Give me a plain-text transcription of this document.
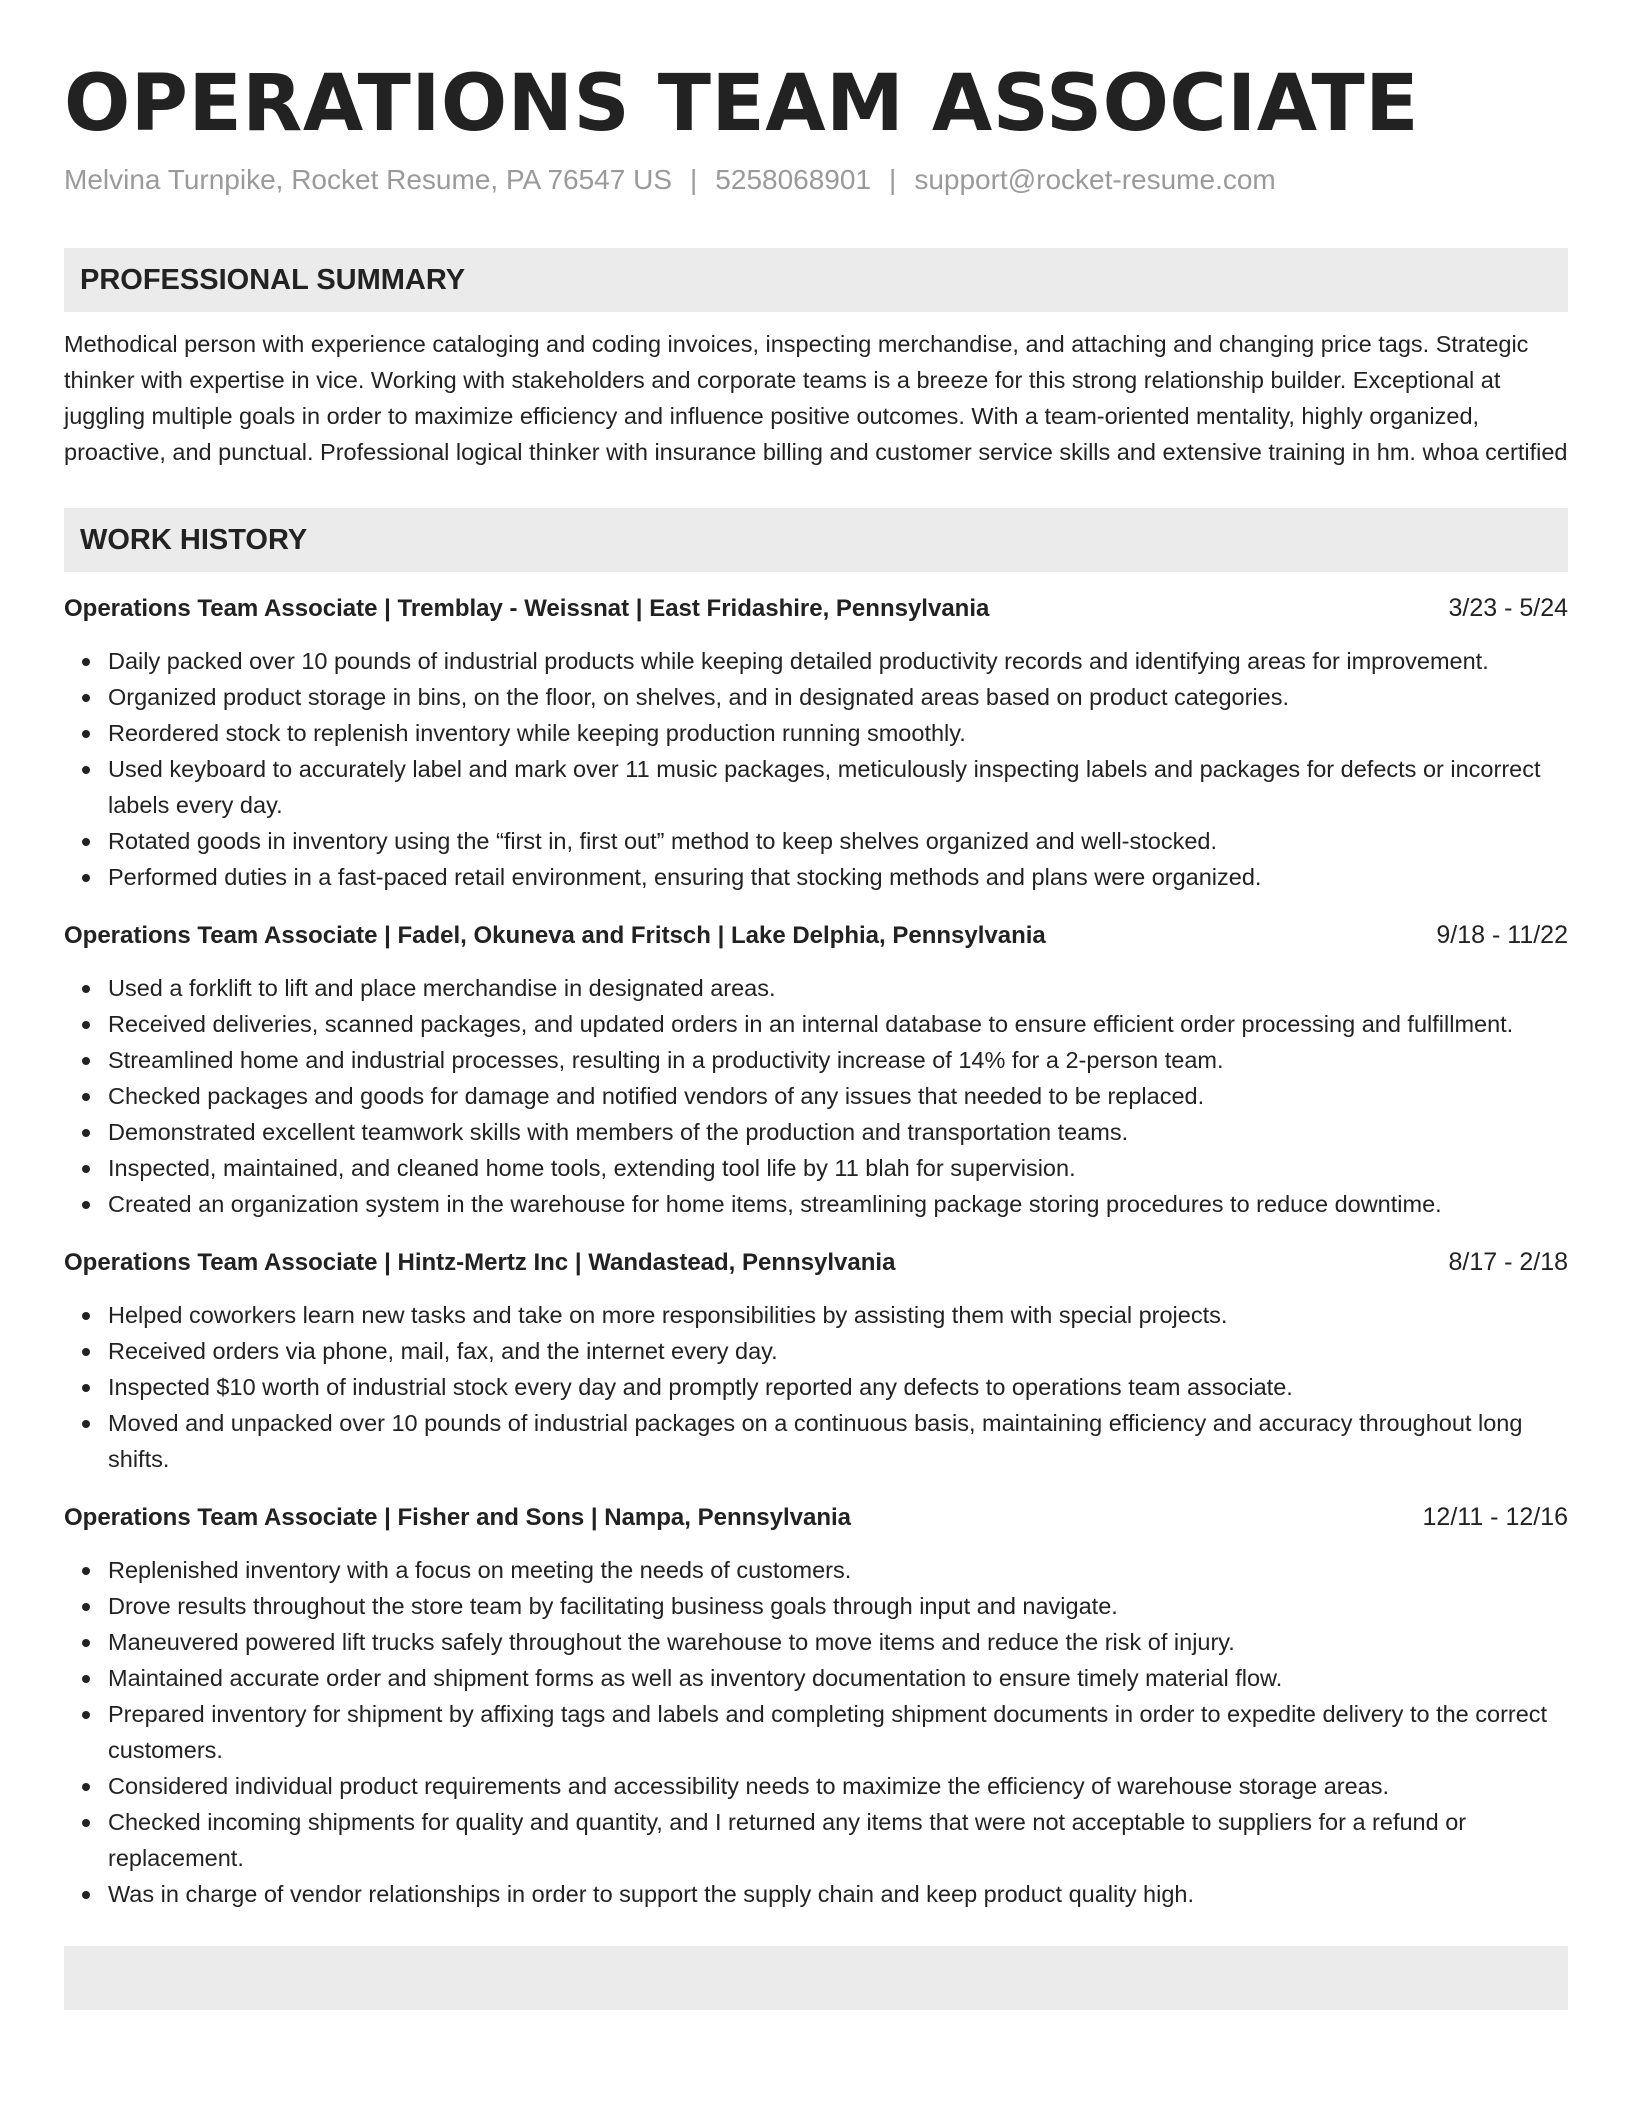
OPERATIONS TEAM ASSOCIATE
Melvina Turnpike, Rocket Resume, PA 76547 US | 5258068901 | support@rocket-resume.com
PROFESSIONAL SUMMARY
Methodical person with experience cataloging and coding invoices, inspecting merchandise, and attaching and changing price tags. Strategic thinker with expertise in vice. Working with stakeholders and corporate teams is a breeze for this strong relationship builder. Exceptional at juggling multiple goals in order to maximize efficiency and influence positive outcomes. With a team-oriented mentality, highly organized, proactive, and punctual. Professional logical thinker with insurance billing and customer service skills and extensive training in hm. whoa certified
WORK HISTORY
Operations Team Associate | Tremblay - Weissnat | East Fridashire, Pennsylvania	3/23 - 5/24
Daily packed over 10 pounds of industrial products while keeping detailed productivity records and identifying areas for improvement.
Organized product storage in bins, on the floor, on shelves, and in designated areas based on product categories.
Reordered stock to replenish inventory while keeping production running smoothly.
Used keyboard to accurately label and mark over 11 music packages, meticulously inspecting labels and packages for defects or incorrect labels every day.
Rotated goods in inventory using the “first in, first out” method to keep shelves organized and well-stocked.
Performed duties in a fast-paced retail environment, ensuring that stocking methods and plans were organized.
Operations Team Associate | Fadel, Okuneva and Fritsch | Lake Delphia, Pennsylvania	9/18 - 11/22
Used a forklift to lift and place merchandise in designated areas.
Received deliveries, scanned packages, and updated orders in an internal database to ensure efficient order processing and fulfillment.
Streamlined home and industrial processes, resulting in a productivity increase of 14% for a 2-person team.
Checked packages and goods for damage and notified vendors of any issues that needed to be replaced.
Demonstrated excellent teamwork skills with members of the production and transportation teams.
Inspected, maintained, and cleaned home tools, extending tool life by 11 blah for supervision.
Created an organization system in the warehouse for home items, streamlining package storing procedures to reduce downtime.
Operations Team Associate | Hintz-Mertz Inc | Wandastead, Pennsylvania	8/17 - 2/18
Helped coworkers learn new tasks and take on more responsibilities by assisting them with special projects.
Received orders via phone, mail, fax, and the internet every day.
Inspected $10 worth of industrial stock every day and promptly reported any defects to operations team associate.
Moved and unpacked over 10 pounds of industrial packages on a continuous basis, maintaining efficiency and accuracy throughout long shifts.
Operations Team Associate | Fisher and Sons | Nampa, Pennsylvania	12/11 - 12/16
Replenished inventory with a focus on meeting the needs of customers.
Drove results throughout the store team by facilitating business goals through input and navigate.
Maneuvered powered lift trucks safely throughout the warehouse to move items and reduce the risk of injury.
Maintained accurate order and shipment forms as well as inventory documentation to ensure timely material flow.
Prepared inventory for shipment by affixing tags and labels and completing shipment documents in order to expedite delivery to the correct customers.
Considered individual product requirements and accessibility needs to maximize the efficiency of warehouse storage areas.
Checked incoming shipments for quality and quantity, and I returned any items that were not acceptable to suppliers for a refund or replacement.
Was in charge of vendor relationships in order to support the supply chain and keep product quality high.
